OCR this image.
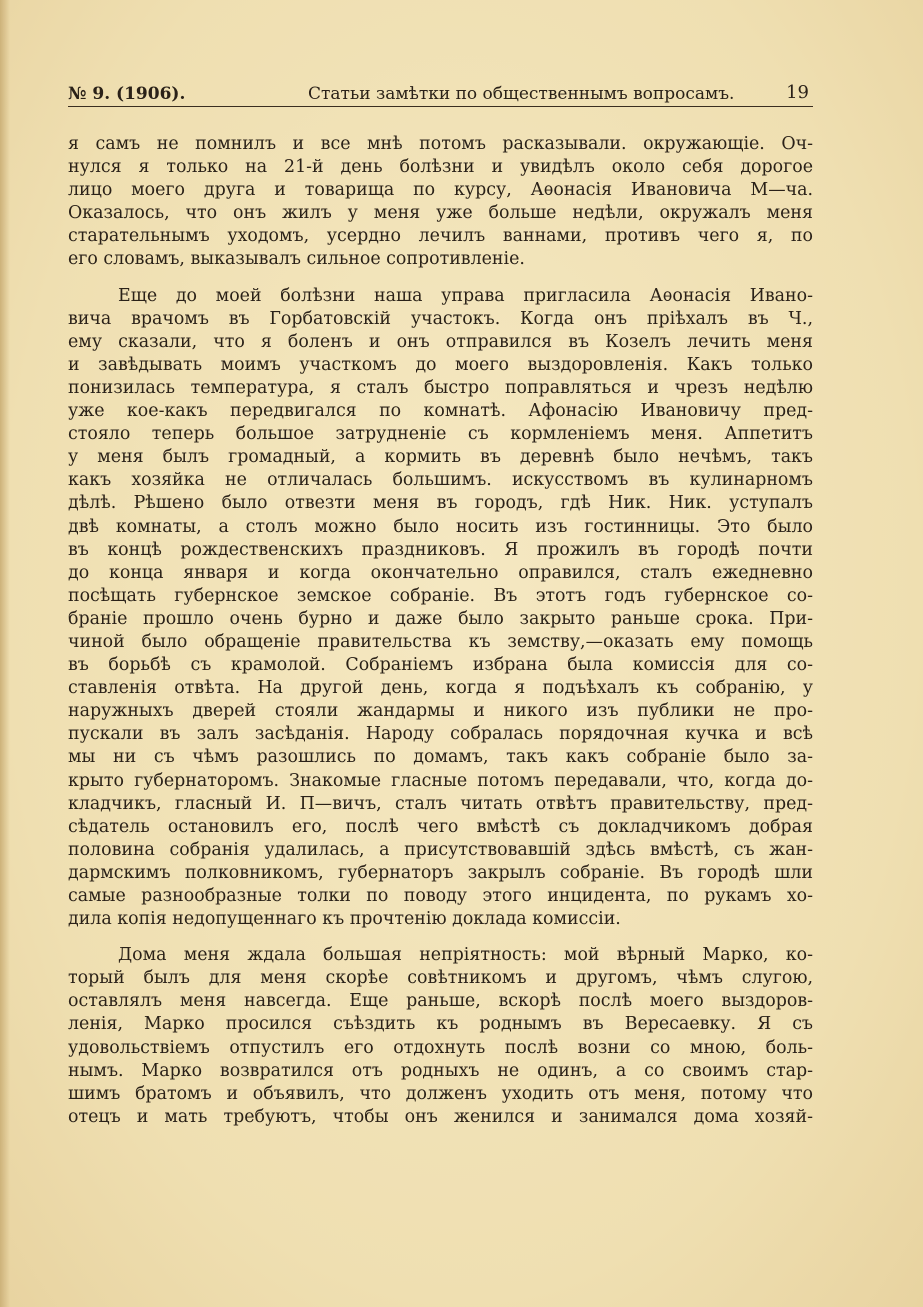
№ 9. (1906).	Статьи замѣтки по общественнымъ вопросамъ.	19
я самъ не помнилъ и все мнѣ потомъ расказывали. окружающіе. Оч-
нулся я только на 21-й день болѣзни и увидѣлъ около себя дорогое
лицо моего друга и товарища по курсу, Аѳонасія Ивановича М—ча.
Оказалось, что онъ жилъ у меня уже больше недѣли, окружалъ меня
старательнымъ уходомъ, усердно лечилъ ваннами, противъ чего я, по
его словамъ, выказывалъ сильное сопротивленіе.
Еще до моей болѣзни наша управа пригласила Аѳонасія Ивано-
вича врачомъ въ Горбатовскій участокъ. Когда онъ пріѣхалъ въ Ч.,
ему сказали, что я боленъ и онъ отправился въ Козелъ лечить меня
и завѣдывать моимъ участкомъ до моего выздоровленія. Какъ только
понизилась температура, я сталъ быстро поправляться и чрезъ недѣлю
уже кое-какъ передвигался по комнатѣ. Афонасію Ивановичу пред-
стояло теперь большое затрудненіе съ кормленіемъ меня. Аппетитъ
у меня былъ громадный, а кормить въ деревнѣ было нечѣмъ, такъ
какъ хозяйка не отличалась большимъ. искусствомъ въ кулинарномъ
дѣлѣ. Рѣшено было отвезти меня въ городъ, гдѣ Ник. Ник. уступалъ
двѣ комнаты, а столъ можно было носить изъ гостинницы. Это было
въ концѣ рождественскихъ праздниковъ. Я прожилъ въ городѣ почти
до конца января и когда окончательно оправился, сталъ ежедневно
посѣщать губернское земское собраніе. Въ этотъ годъ губернское со-
браніе прошло очень бурно и даже было закрыто раньше срока. При-
чиной было обращеніе правительства къ земству,—оказать ему помощь
въ борьбѣ съ крамолой. Собраніемъ избрана была комиссія для со-
ставленія отвѣта. На другой день, когда я подъѣхалъ къ собранію, у
наружныхъ дверей стояли жандармы и никого изъ публики не про-
пускали въ залъ засѣданія. Народу собралась порядочная кучка и всѣ
мы ни съ чѣмъ разошлись по домамъ, такъ какъ собраніе было за-
крыто губернаторомъ. Знакомые гласные потомъ передавали, что, когда до-
кладчикъ, гласный И. П—вичъ, сталъ читать отвѣтъ правительству, пред-
сѣдатель остановилъ его, послѣ чего вмѣстѣ съ докладчикомъ добрая
половина собранія удалилась, а присутствовавшій здѣсь вмѣстѣ, съ жан-
дармскимъ полковникомъ, губернаторъ закрылъ собраніе. Въ городѣ шли
самые разнообразные толки по поводу этого инцидента, по рукамъ хо-
дила копія недопущеннаго къ прочтенію доклада комиссіи.
Дома меня ждала большая непріятность: мой вѣрный Марко, ко-
торый былъ для меня скорѣе совѣтникомъ и другомъ, чѣмъ слугою,
оставлялъ меня навсегда. Еще раньше, вскорѣ послѣ моего выздоров-
ленія, Марко просился съѣздить къ роднымъ въ Вересаевку. Я съ
удовольствіемъ отпустилъ его отдохнуть послѣ возни со мною, боль-
нымъ. Марко возвратился отъ родныхъ не одинъ, а со своимъ стар-
шимъ братомъ и объявилъ, что долженъ уходить отъ меня, потому что
отецъ и мать требуютъ, чтобы онъ женился и занимался дома хозяй-
